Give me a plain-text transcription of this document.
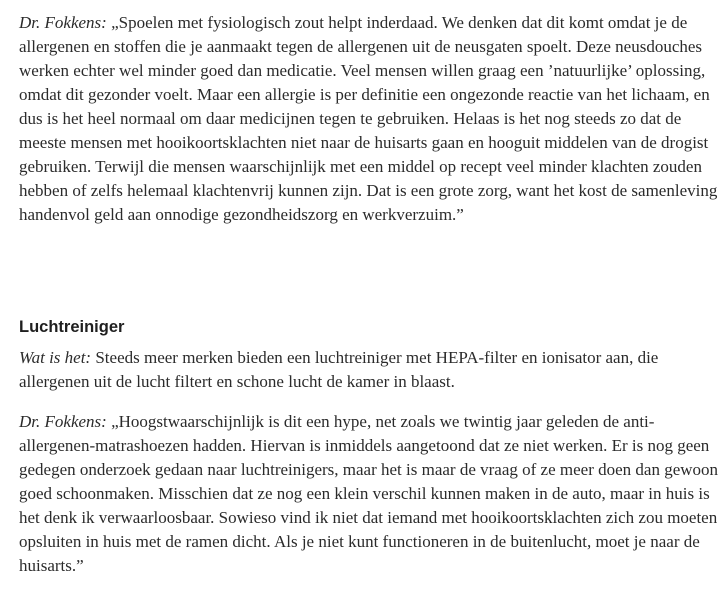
Dr. Fokkens: „Spoelen met fysiologisch zout helpt inderdaad. We denken dat dit komt omdat je de allergenen en stoffen die je aanmaakt tegen de allergenen uit de neusgaten spoelt. Deze neusdouches werken echter wel minder goed dan medicatie. Veel mensen willen graag een ’natuurlijke’ oplossing, omdat dit gezonder voelt. Maar een allergie is per definitie een ongezonde reactie van het lichaam, en dus is het heel normaal om daar medicijnen tegen te gebruiken. Helaas is het nog steeds zo dat de meeste mensen met hooikoortsklachten niet naar de huisarts gaan en hooguit middelen van de drogist gebruiken. Terwijl die mensen waarschijnlijk met een middel op recept veel minder klachten zouden hebben of zelfs helemaal klachtenvrij kunnen zijn. Dat is een grote zorg, want het kost de samenleving handenvol geld aan onnodige gezondheidszorg en werkverzuim.”

Luchtreiniger

Wat is het: Steeds meer merken bieden een luchtreiniger met HEPA-filter en ionisator aan, die allergenen uit de lucht filtert en schone lucht de kamer in blaast.

Dr. Fokkens: „Hoogstwaarschijnlijk is dit een hype, net zoals we twintig jaar geleden de anti-allergenen-matrashoezen hadden. Hiervan is inmiddels aangetoond dat ze niet werken. Er is nog geen gedegen onderzoek gedaan naar luchtreinigers, maar het is maar de vraag of ze meer doen dan gewoon goed schoonmaken. Misschien dat ze nog een klein verschil kunnen maken in de auto, maar in huis is het denk ik verwaarloosbaar. Sowieso vind ik niet dat iemand met hooikoortsklachten zich zou moeten opsluiten in huis met de ramen dicht. Als je niet kunt functioneren in de buitenlucht, moet je naar de huisarts.”
